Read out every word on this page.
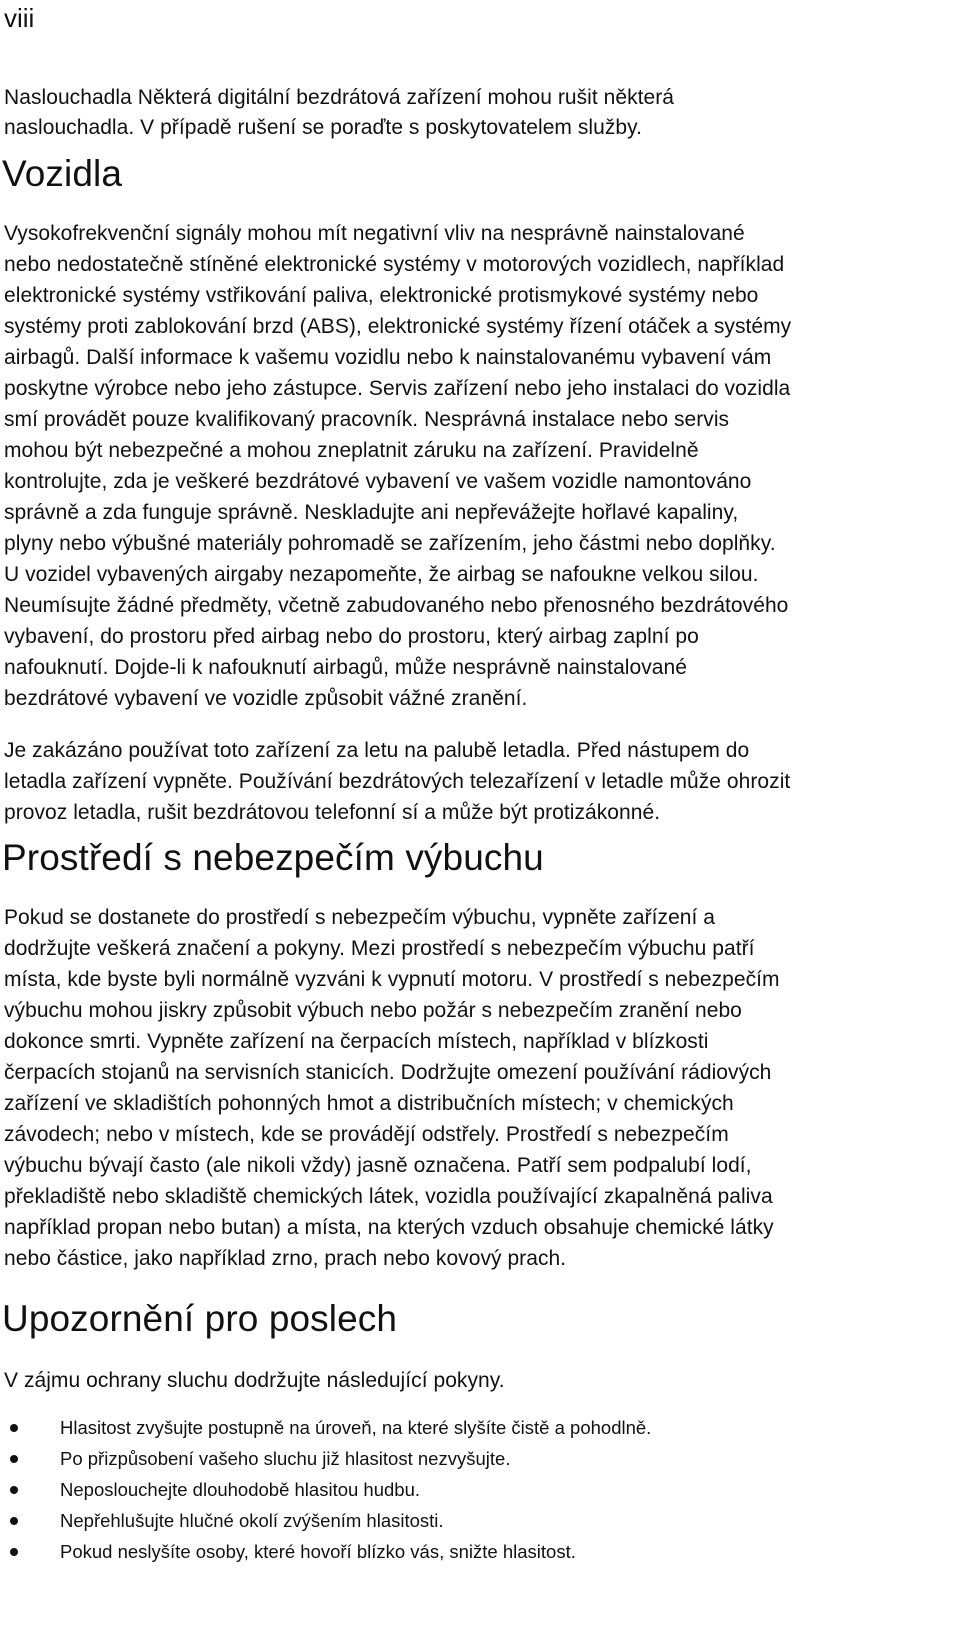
viii
Naslouchadla Některá digitální bezdrátová zařízení mohou rušit některá
naslouchadla. V případě rušení se poraďte s poskytovatelem služby.
Vozidla
Vysokofrekvenční signály mohou mít negativní vliv na nesprávně nainstalované
nebo nedostatečně stíněné elektronické systémy v motorových vozidlech, například
elektronické systémy vstřikování paliva, elektronické protismykové systémy nebo
systémy proti zablokování brzd (ABS), elektronické systémy řízení otáček a systémy
airbagů. Další informace k vašemu vozidlu nebo k nainstalovanému vybavení vám
poskytne výrobce nebo jeho zástupce. Servis zařízení nebo jeho instalaci do vozidla
smí provádět pouze kvalifikovaný pracovník. Nesprávná instalace nebo servis
mohou být nebezpečné a mohou zneplatnit záruku na zařízení. Pravidelně
kontrolujte, zda je veškeré bezdrátové vybavení ve vašem vozidle namontováno
správně a zda funguje správně. Neskladujte ani nepřevážejte hořlavé kapaliny,
plyny nebo výbušné materiály pohromadě se zařízením, jeho částmi nebo doplňky.
U vozidel vybavených airgaby nezapomeňte, že airbag se nafoukne velkou silou.
Neumísujte žádné předměty, včetně zabudovaného nebo přenosného bezdrátového
vybavení, do prostoru před airbag nebo do prostoru, který airbag zaplní po
nafouknutí. Dojde-li k nafouknutí airbagů, může nesprávně nainstalované
bezdrátové vybavení ve vozidle způsobit vážné zranění.
Je zakázáno používat toto zařízení za letu na palubě letadla. Před nástupem do
letadla zařízení vypněte. Používání bezdrátových telezařízení v letadle může ohrozit
provoz letadla, rušit bezdrátovou telefonní sí a může být protizákonné.
Prostředí s nebezpečím výbuchu
Pokud se dostanete do prostředí s nebezpečím výbuchu, vypněte zařízení a
dodržujte veškerá značení a pokyny. Mezi prostředí s nebezpečím výbuchu patří
místa, kde byste byli normálně vyzváni k vypnutí motoru. V prostředí s nebezpečím
výbuchu mohou jiskry způsobit výbuch nebo požár s nebezpečím zranění nebo
dokonce smrti. Vypněte zařízení na čerpacích místech, například v blízkosti
čerpacích stojanů na servisních stanicích. Dodržujte omezení používání rádiových
zařízení ve skladištích pohonných hmot a distribučních místech; v chemických
závodech; nebo v místech, kde se provádějí odstřely. Prostředí s nebezpečím
výbuchu bývají často (ale nikoli vždy) jasně označena. Patří sem podpalubí lodí,
překladiště nebo skladiště chemických látek, vozidla používající zkapalněná paliva
například propan nebo butan) a místa, na kterých vzduch obsahuje chemické látky
nebo částice, jako například zrno, prach nebo kovový prach.
Upozornění pro poslech
V zájmu ochrany sluchu dodržujte následující pokyny.
Hlasitost zvyšujte postupně na úroveň, na které slyšíte čistě a pohodlně.
Po přizpůsobení vašeho sluchu již hlasitost nezvyšujte.
Neposlouchejte dlouhodobě hlasitou hudbu.
Nepřehlušujte hlučné okolí zvýšením hlasitosti.
Pokud neslyšíte osoby, které hovoří blízko vás, snižte hlasitost.
